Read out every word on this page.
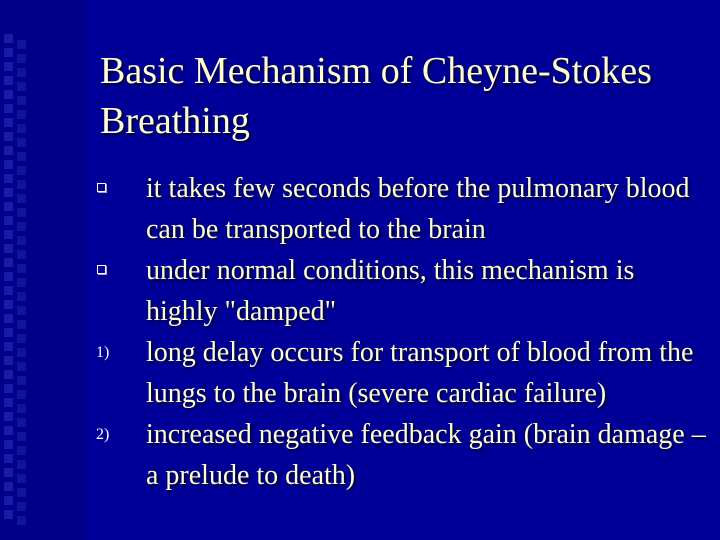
Basic Mechanism of Cheyne-Stokes Breathing
it takes few seconds before the pulmonary blood can be transported to the brain
under normal conditions, this mechanism is highly "damped"
1)	long delay occurs for transport of blood from the lungs to the brain (severe cardiac failure)
2)	increased negative feedback gain (brain damage – a prelude to death)
